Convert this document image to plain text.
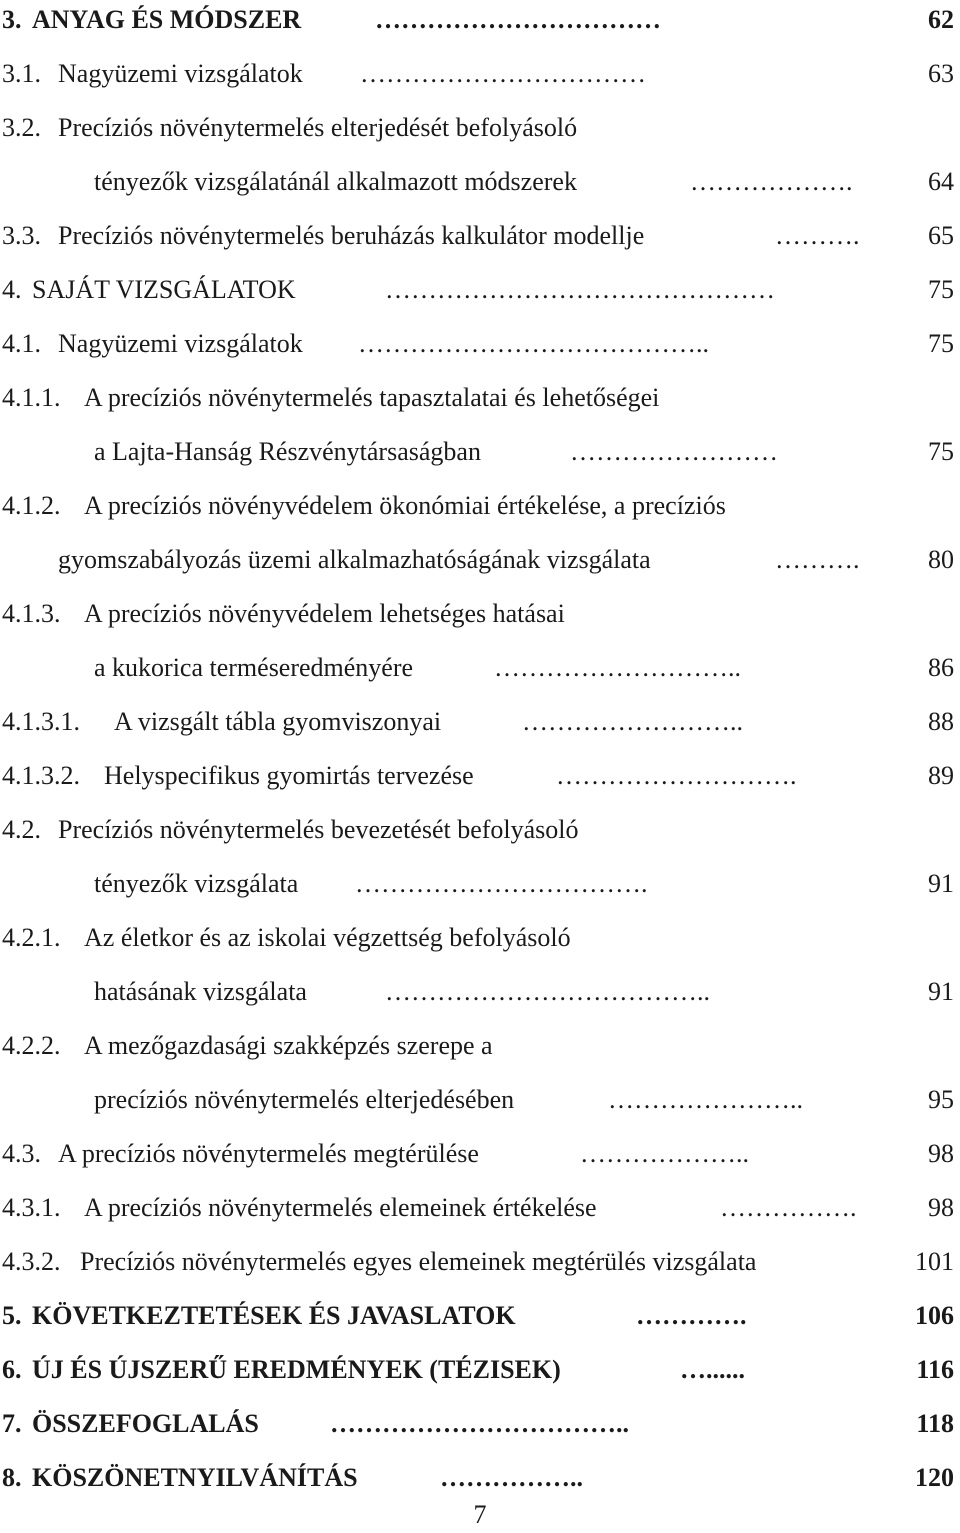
3. ANYAG ÉS MÓDSZER	……………………………	62
3.1. Nagyüzemi vizsgálatok ……………………………	63
3.2. Precíziós növénytermelés elterjedését befolyásoló
tényezők vizsgálatánál alkalmazott módszerek	……………….	64
3.3. Precíziós növénytermelés beruházás kalkulátor modellje	……….	65
4. SAJÁT VIZSGÁLATOK	………………………………………	75
4.1. Nagyüzemi vizsgálatok …………………………………..	75
4.1.1. A precíziós növénytermelés tapasztalatai és lehetőségei
a Lajta-Hanság Részvénytársaságban	……………………	75
4.1.2. A precíziós növényvédelem ökonómiai értékelése, a precíziós
gyomszabályozás üzemi alkalmazhatóságának vizsgálata	……….	80
4.1.3. A precíziós növényvédelem lehetséges hatásai
a kukorica terméseredményére	………………………..	86
4.1.3.1. A vizsgált tábla gyomviszonyai	……………………..	88
4.1.3.2. Helyspecifikus gyomirtás tervezése	……………………….	89
4.2. Precíziós növénytermelés bevezetését befolyásoló
tényezők vizsgálata …………………………….	91
4.2.1. Az életkor és az iskolai végzettség befolyásoló
hatásának vizsgálata	………………………………..	91
4.2.2. A mezőgazdasági szakképzés szerepe a
precíziós növénytermelés elterjedésében	…………………..	95
4.3. A precíziós növénytermelés megtérülése	………………..	98
4.3.1. A precíziós növénytermelés elemeinek értékelése	…………….	98
4.3.2. Precíziós növénytermelés egyes elemeinek megtérülés vizsgálata	101
5. KÖVETKEZTETÉSEK ÉS JAVASLATOK	………….	106
6. ÚJ ÉS ÚJSZERŰ EREDMÉNYEK (TÉZISEK)	…......	116
7. ÖSSZEFOGLALÁS	……………………………..	118
8. KÖSZÖNETNYILVÁNÍTÁS	……………..	120
7
